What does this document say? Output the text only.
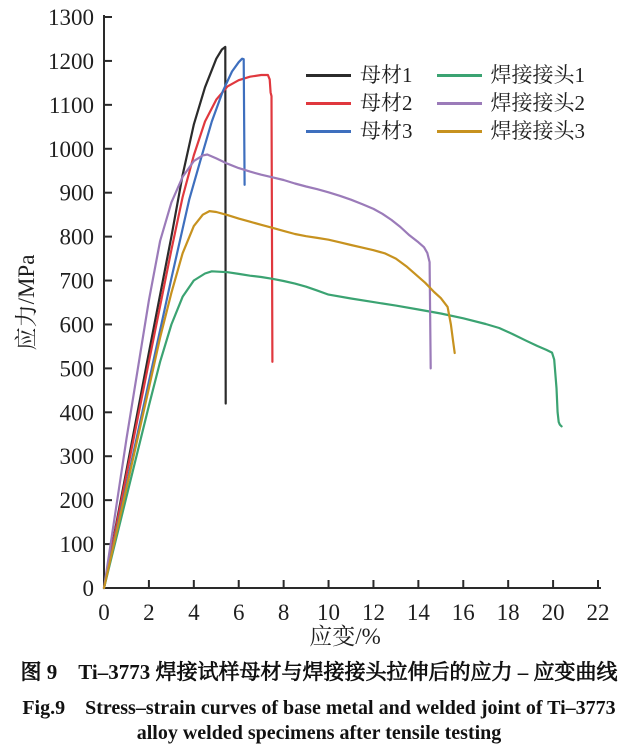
0 2 4 6 8 10 12 14 16 18 20 22
0
100
200
300
400
500
600
700
800
900
1000
1100
1200
1300
应变/%
应力/MPa
母材1
母材2
母材3
焊接接头1
焊接接头2
焊接接头3
图 9　Ti–3773 焊接试样母材与焊接接头拉伸后的应力 – 应变曲线
Fig.9　Stress–strain curves of base metal and welded joint of Ti–3773
alloy welded specimens after tensile testing
